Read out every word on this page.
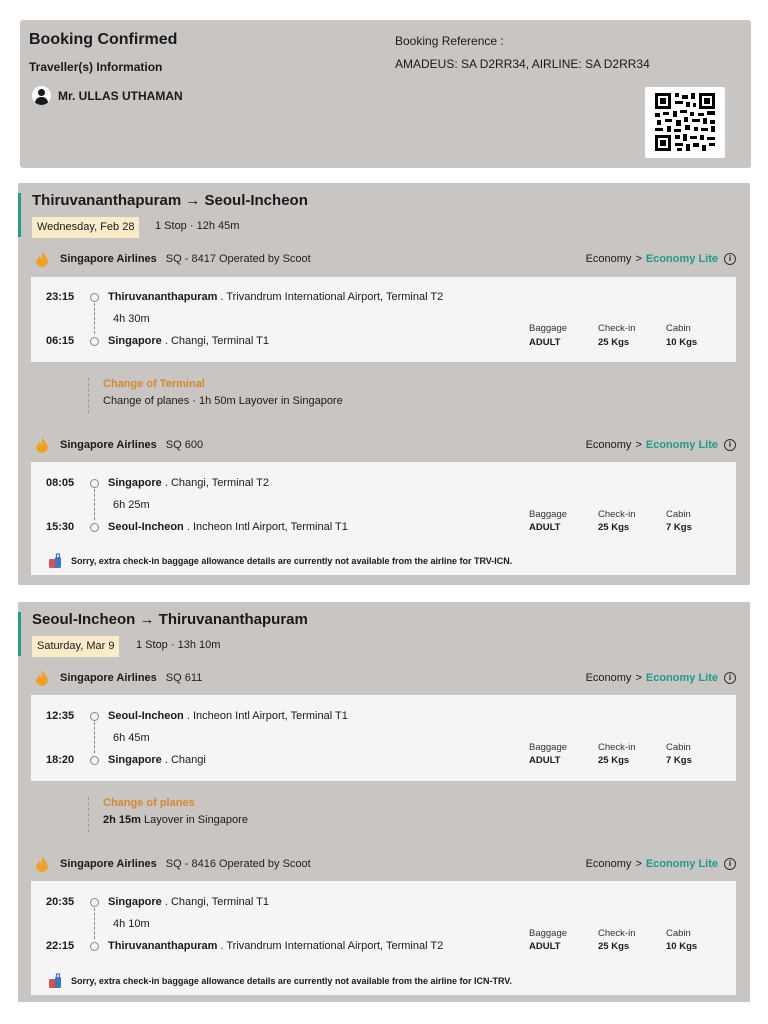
Booking Confirmed
Traveller(s) Information
Mr. ULLAS UTHAMAN
Booking Reference :
AMADEUS: SA D2RR34, AIRLINE: SA D2RR34
Thiruvananthapuram → Seoul-Incheon
Wednesday, Feb 28	1 Stop · 12h 45m
Singapore Airlines SQ - 8417 Operated by Scoot	Economy > Economy Lite	i
23:15	Thiruvananthapuram . Trivandrum International Airport, Terminal T2
4h 30m
06:15	Singapore . Changi, Terminal T1
Baggage	Check-in	Cabin
ADULT	25 Kgs	10 Kgs
Change of Terminal
Change of planes · 1h 50m Layover in Singapore
Singapore Airlines SQ 600	Economy > Economy Lite	i
08:05	Singapore . Changi, Terminal T2
6h 25m
15:30	Seoul-Incheon . Incheon Intl Airport, Terminal T1
Baggage	Check-in	Cabin
ADULT	25 Kgs	7 Kgs
Sorry, extra check-in baggage allowance details are currently not available from the airline for TRV-ICN.
Seoul-Incheon → Thiruvananthapuram
Saturday, Mar 9	1 Stop · 13h 10m
Singapore Airlines SQ 611	Economy > Economy Lite	i
12:35	Seoul-Incheon . Incheon Intl Airport, Terminal T1
6h 45m
18:20	Singapore . Changi
Baggage	Check-in	Cabin
ADULT	25 Kgs	7 Kgs
Change of planes
2h 15m Layover in Singapore
Singapore Airlines SQ - 8416 Operated by Scoot	Economy > Economy Lite	i
20:35	Singapore . Changi, Terminal T1
4h 10m
22:15	Thiruvananthapuram . Trivandrum International Airport, Terminal T2
Baggage	Check-in	Cabin
ADULT	25 Kgs	10 Kgs
Sorry, extra check-in baggage allowance details are currently not available from the airline for ICN-TRV.
